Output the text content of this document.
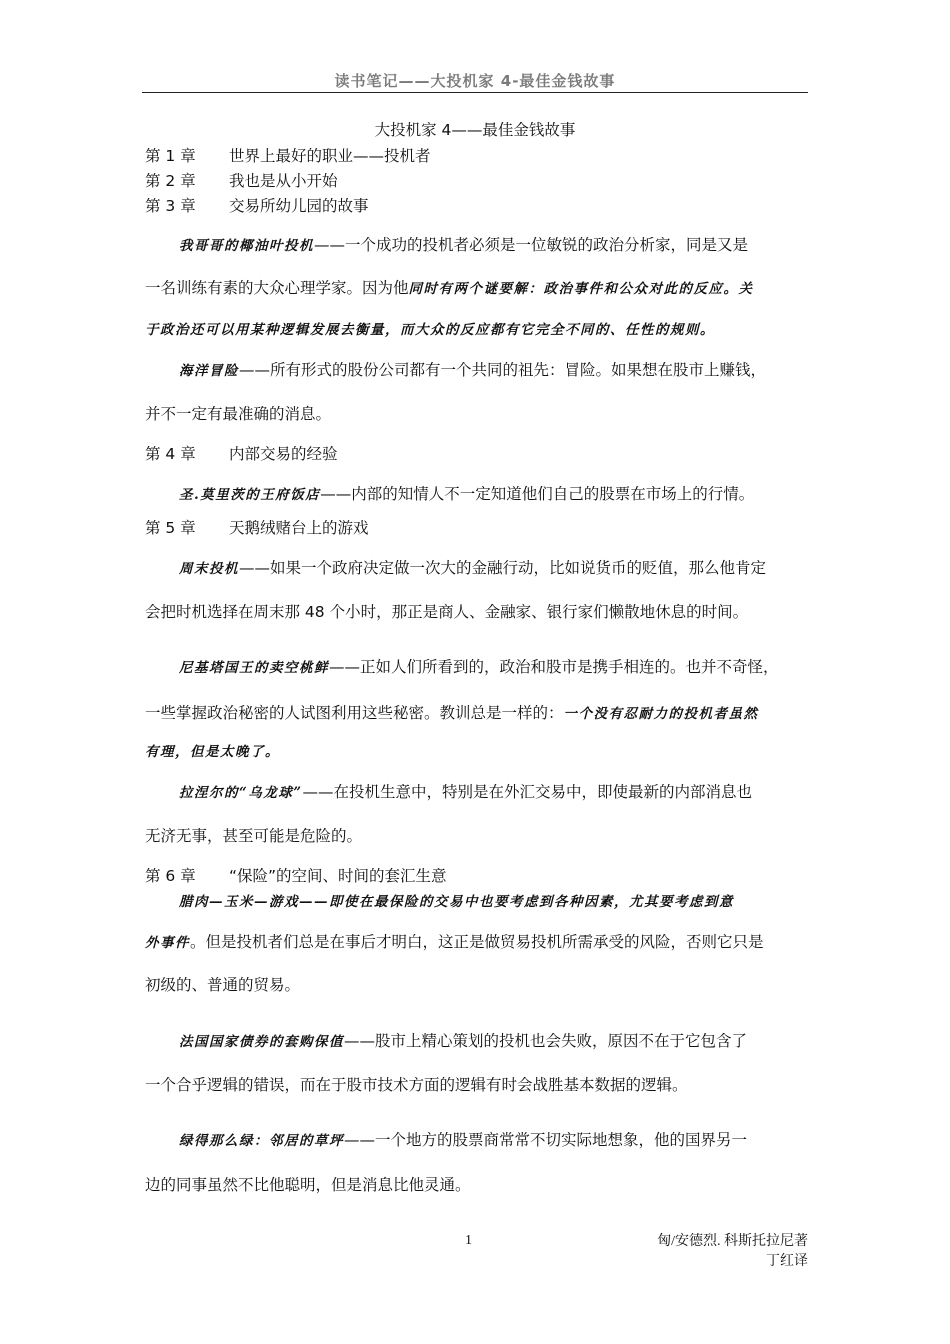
读书笔记——大投机家 4-最佳金钱故事
大投机家 4——最佳金钱故事
第 1 章 世界上最好的职业——投机者
第 2 章 我也是从小开始
第 3 章 交易所幼儿园的故事
我哥哥的椰油叶投机——一个成功的投机者必须是一位敏锐的政治分析家，同是又是
一名训练有素的大众心理学家。因为他同时有两个谜要解：政治事件和公众对此的反应。关
于政治还可以用某种逻辑发展去衡量，而大众的反应都有它完全不同的、任性的规则。
海洋冒险——所有形式的股份公司都有一个共同的祖先：冒险。如果想在股市上赚钱，
并不一定有最准确的消息。
第 4 章 内部交易的经验
圣.莫里茨的王府饭店——内部的知情人不一定知道他们自己的股票在市场上的行情。
第 5 章 天鹅绒赌台上的游戏
周末投机——如果一个政府决定做一次大的金融行动，比如说货币的贬值，那么他肯定
会把时机选择在周末那 48 个小时，那正是商人、金融家、银行家们懒散地休息的时间。
尼基塔国王的卖空桃鲜——正如人们所看到的，政治和股市是携手相连的。也并不奇怪，
一些掌握政治秘密的人试图利用这些秘密。教训总是一样的：一个没有忍耐力的投机者虽然
有理，但是太晚了。
拉涅尔的“乌龙球”——在投机生意中，特别是在外汇交易中，即使最新的内部消息也
无济无事，甚至可能是危险的。
第 6 章 “保险”的空间、时间的套汇生意
腊肉—玉米—游戏——即使在最保险的交易中也要考虑到各种因素，尤其要考虑到意
外事件。但是投机者们总是在事后才明白，这正是做贸易投机所需承受的风险，否则它只是
初级的、普通的贸易。
法国国家债券的套购保值——股市上精心策划的投机也会失败，原因不在于它包含了
一个合乎逻辑的错误，而在于股市技术方面的逻辑有时会战胜基本数据的逻辑。
绿得那么绿：邻居的草坪——一个地方的股票商常常不切实际地想象，他的国界另一
边的同事虽然不比他聪明，但是消息比他灵通。
1	匈/安德烈. 科斯托拉尼著
丁红译
